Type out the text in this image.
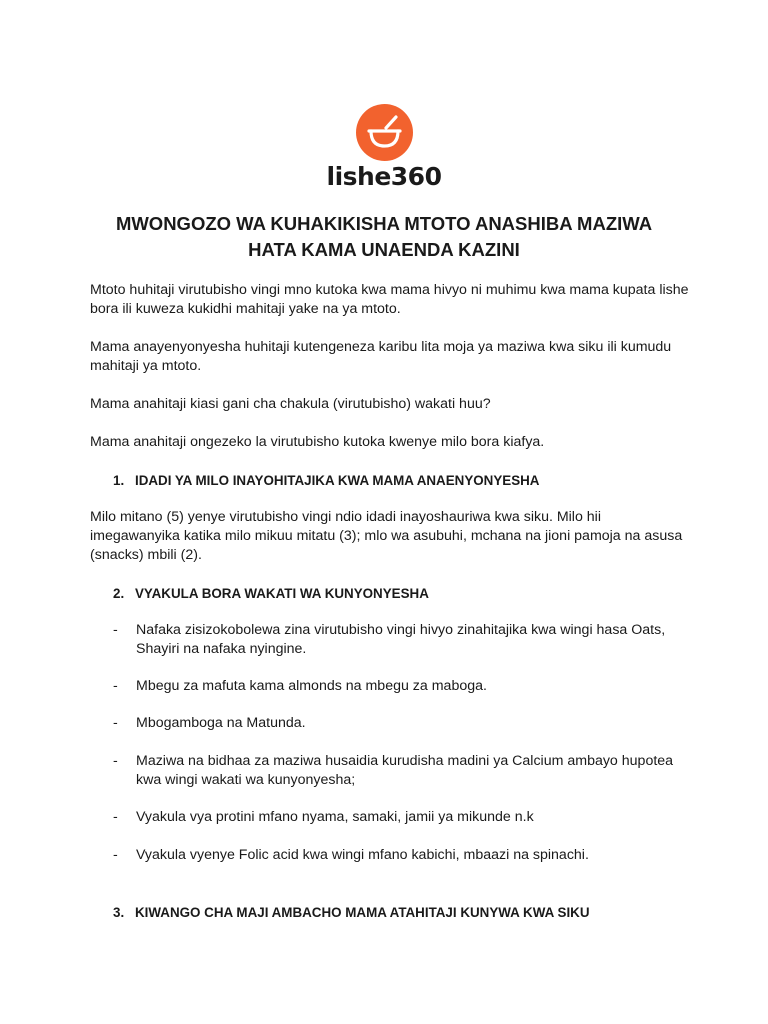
lishe360
MWONGOZO WA KUHAKIKISHA MTOTO ANASHIBA MAZIWA
HATA KAMA UNAENDA KAZINI

Mtoto huhitaji virutubisho vingi mno kutoka kwa mama hivyo ni muhimu kwa mama kupata lishe bora ili kuweza kukidhi mahitaji yake na ya mtoto.

Mama anayenyonyesha huhitaji kutengeneza karibu lita moja ya maziwa kwa siku ili kumudu mahitaji ya mtoto.

Mama anahitaji kiasi gani cha chakula (virutubisho) wakati huu?

Mama anahitaji ongezeko la virutubisho kutoka kwenye milo bora kiafya.

1. IDADI YA MILO INAYOHITAJIKA KWA MAMA ANAENYONYESHA

Milo mitano (5) yenye virutubisho vingi ndio idadi inayoshauriwa kwa siku. Milo hii imegawanyika katika milo mikuu mitatu (3); mlo wa asubuhi, mchana na jioni pamoja na asusa (snacks) mbili (2).

2. VYAKULA BORA WAKATI WA KUNYONYESHA
- Nafaka zisizokobolewa zina virutubisho vingi hivyo zinahitajika kwa wingi hasa Oats, Shayiri na nafaka nyingine.
- Mbegu za mafuta kama almonds na mbegu za maboga.
- Mbogamboga na Matunda.
- Maziwa na bidhaa za maziwa husaidia kurudisha madini ya Calcium ambayo hupotea kwa wingi wakati wa kunyonyesha;
- Vyakula vya protini mfano nyama, samaki, jamii ya mikunde n.k
- Vyakula vyenye Folic acid kwa wingi mfano kabichi, mbaazi na spinachi.
3. KIWANGO CHA MAJI AMBACHO MAMA ATAHITAJI KUNYWA KWA SIKU
